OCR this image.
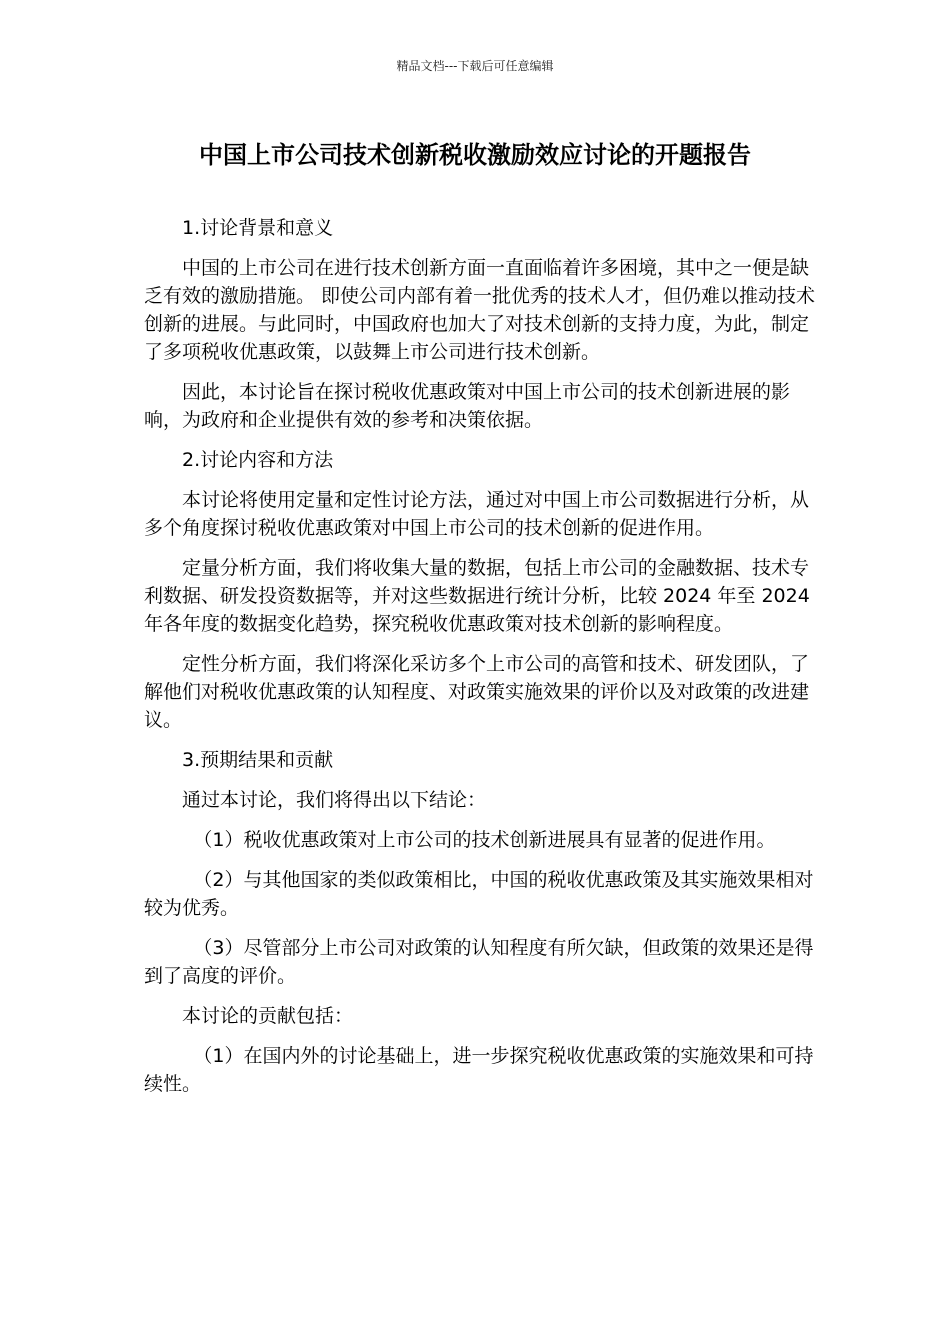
精品文档---下载后可任意编辑
中国上市公司技术创新税收激励效应讨论的开题报告

1.讨论背景和意义

中国的上市公司在进行技术创新方面一直面临着许多困境，其中之一便是缺乏有效的激励措施。 即使公司内部有着一批优秀的技术人才，但仍难以推动技术创新的进展。与此同时，中国政府也加大了对技术创新的支持力度，为此，制定了多项税收优惠政策，以鼓舞上市公司进行技术创新。

因此，本讨论旨在探讨税收优惠政策对中国上市公司的技术创新进展的影响，为政府和企业提供有效的参考和决策依据。

2.讨论内容和方法

本讨论将使用定量和定性讨论方法，通过对中国上市公司数据进行分析，从多个角度探讨税收优惠政策对中国上市公司的技术创新的促进作用。

定量分析方面，我们将收集大量的数据，包括上市公司的金融数据、技术专利数据、研发投资数据等，并对这些数据进行统计分析，比较 2024 年至 2024 年各年度的数据变化趋势，探究税收优惠政策对技术创新的影响程度。

定性分析方面，我们将深化采访多个上市公司的高管和技术、研发团队，了解他们对税收优惠政策的认知程度、对政策实施效果的评价以及对政策的改进建议。

3.预期结果和贡献

通过本讨论，我们将得出以下结论：

（1）税收优惠政策对上市公司的技术创新进展具有显著的促进作用。

（2）与其他国家的类似政策相比，中国的税收优惠政策及其实施效果相对较为优秀。

（3）尽管部分上市公司对政策的认知程度有所欠缺，但政策的效果还是得到了高度的评价。

本讨论的贡献包括：

（1）在国内外的讨论基础上，进一步探究税收优惠政策的实施效果和可持续性。
